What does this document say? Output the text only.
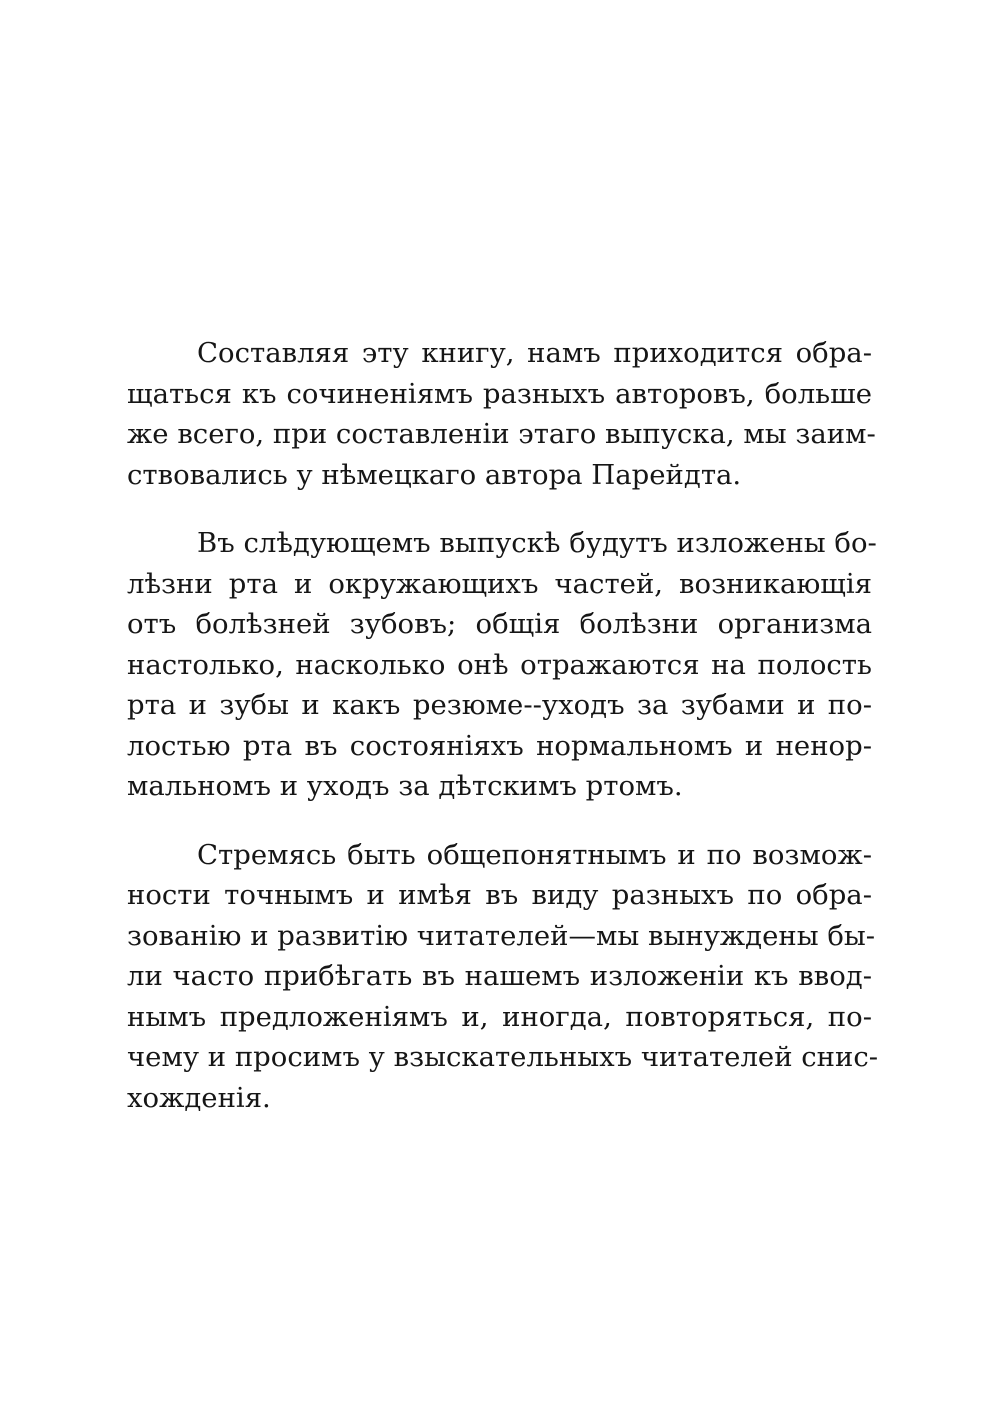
Составляя эту книгу, намъ приходится обра-
щаться къ сочиненіямъ разныхъ авторовъ, больше
же всего, при составленіи этаго выпуска, мы заим-
ствовались у нѣмецкаго автора Парейдта.
Въ слѣдующемъ выпускѣ будутъ изложены бо-
лѣзни рта и окружающихъ частей, возникающія
отъ болѣзней зубовъ; общія болѣзни организма
настолько, насколько онѣ отражаются на полость
рта и зубы и какъ резюме--уходъ за зубами и по-
лостью рта въ состояніяхъ нормальномъ и ненор-
мальномъ и уходъ за дѣтскимъ ртомъ.
Стремясь быть общепонятнымъ и по возмож-
ности точнымъ и имѣя въ виду разныхъ по обра-
зованію и развитію читателей—мы вынуждены бы-
ли часто прибѣгать въ нашемъ изложеніи къ ввод-
нымъ предложеніямъ и, иногда, повторяться, по-
чему и просимъ у взыскательныхъ читателей снис-
хожденія.
